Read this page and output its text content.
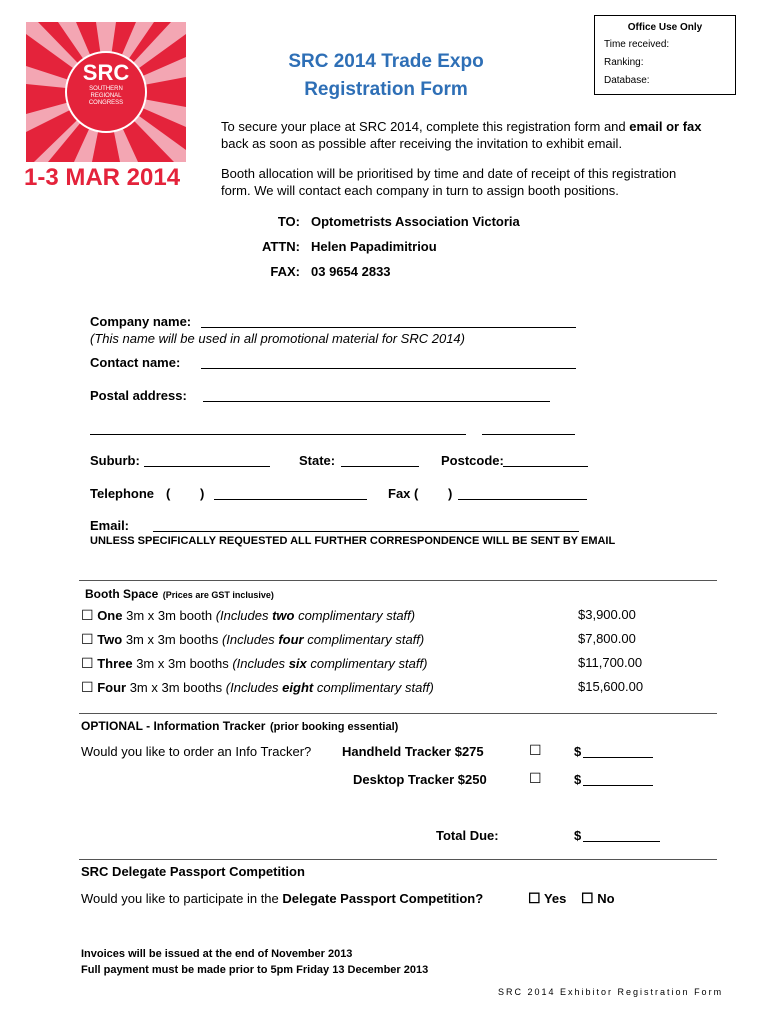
SRC
SOUTHERN
REGIONAL
CONGRESS
1-3 MAR 2014
SRC 2014 Trade Expo
Registration Form
Office Use Only
Time received:
Ranking:
Database:
To secure your place at SRC 2014, complete this registration form and email or fax
back as soon as possible after receiving the invitation to exhibit email.
Booth allocation will be prioritised by time and date of receipt of this registration
form. We will contact each company in turn to assign booth positions.
TO: Optometrists Association Victoria
ATTN: Helen Papadimitriou
FAX: 03 9654 2833
Company name:
(This name will be used in all promotional material for SRC 2014)
Contact name:
Postal address:
Suburb:	State:	Postcode:
Telephone ( )	Fax ( )
Email:
UNLESS SPECIFICALLY REQUESTED ALL FURTHER CORRESPONDENCE WILL BE SENT BY EMAIL
Booth Space (Prices are GST inclusive)
☐ One 3m x 3m booth (Includes two complimentary staff)	$3,900.00
☐ Two 3m x 3m booths (Includes four complimentary staff)	$7,800.00
☐ Three 3m x 3m booths (Includes six complimentary staff)	$11,700.00
☐ Four 3m x 3m booths (Includes eight complimentary staff)	$15,600.00
OPTIONAL - Information Tracker (prior booking essential)
Would you like to order an Info Tracker? Handheld Tracker $275	☐ $
Desktop Tracker $250	☐ $
Total Due:	$
SRC Delegate Passport Competition
Would you like to participate in the Delegate Passport Competition?	☐ Yes ☐ No
Invoices will be issued at the end of November 2013
Full payment must be made prior to 5pm Friday 13 December 2013
SRC 2014 Exhibitor Registration Form
